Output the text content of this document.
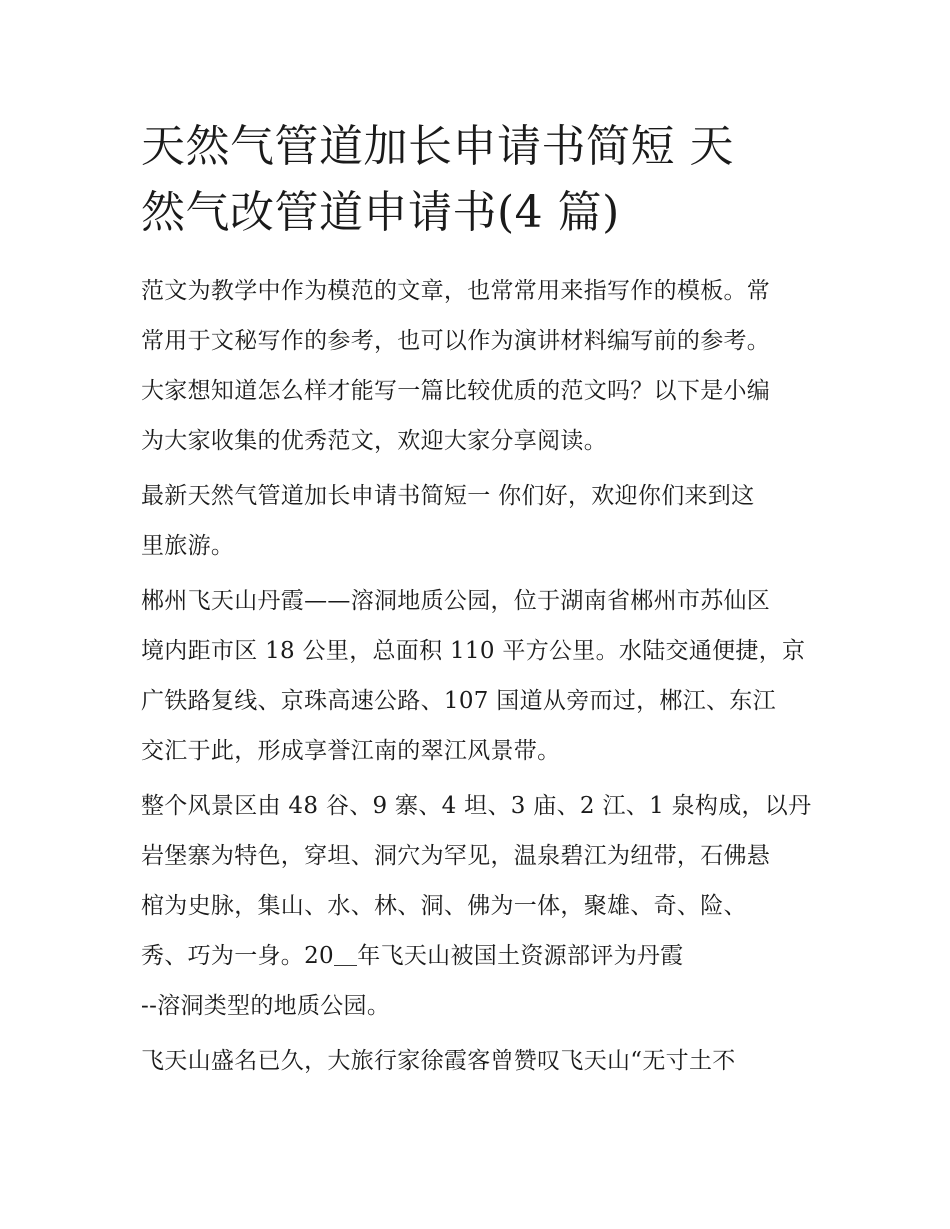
天然气管道加长申请书简短 天
然气改管道申请书(4 篇)

范文为教学中作为模范的文章，也常常用来指写作的模板。常
常用于文秘写作的参考，也可以作为演讲材料编写前的参考。
大家想知道怎么样才能写一篇比较优质的范文吗？以下是小编
为大家收集的优秀范文，欢迎大家分享阅读。

最新天然气管道加长申请书简短一 你们好，欢迎你们来到这
里旅游。

郴州飞天山丹霞——溶洞地质公园，位于湖南省郴州市苏仙区
境内距市区 18 公里，总面积 110 平方公里。水陆交通便捷，京
广铁路复线、京珠高速公路、107 国道从旁而过，郴江、东江
交汇于此，形成享誉江南的翠江风景带。

整个风景区由 48 谷、9 寨、4 坦、3 庙、2 江、1 泉构成，以丹
岩堡寨为特色，穿坦、洞穴为罕见，温泉碧江为纽带，石佛悬
棺为史脉，集山、水、林、洞、佛为一体，聚雄、奇、险、
秀、巧为一身。20＿年飞天山被国土资源部评为丹霞
--溶洞类型的地质公园。

飞天山盛名已久，大旅行家徐霞客曾赞叹飞天山“无寸土不
